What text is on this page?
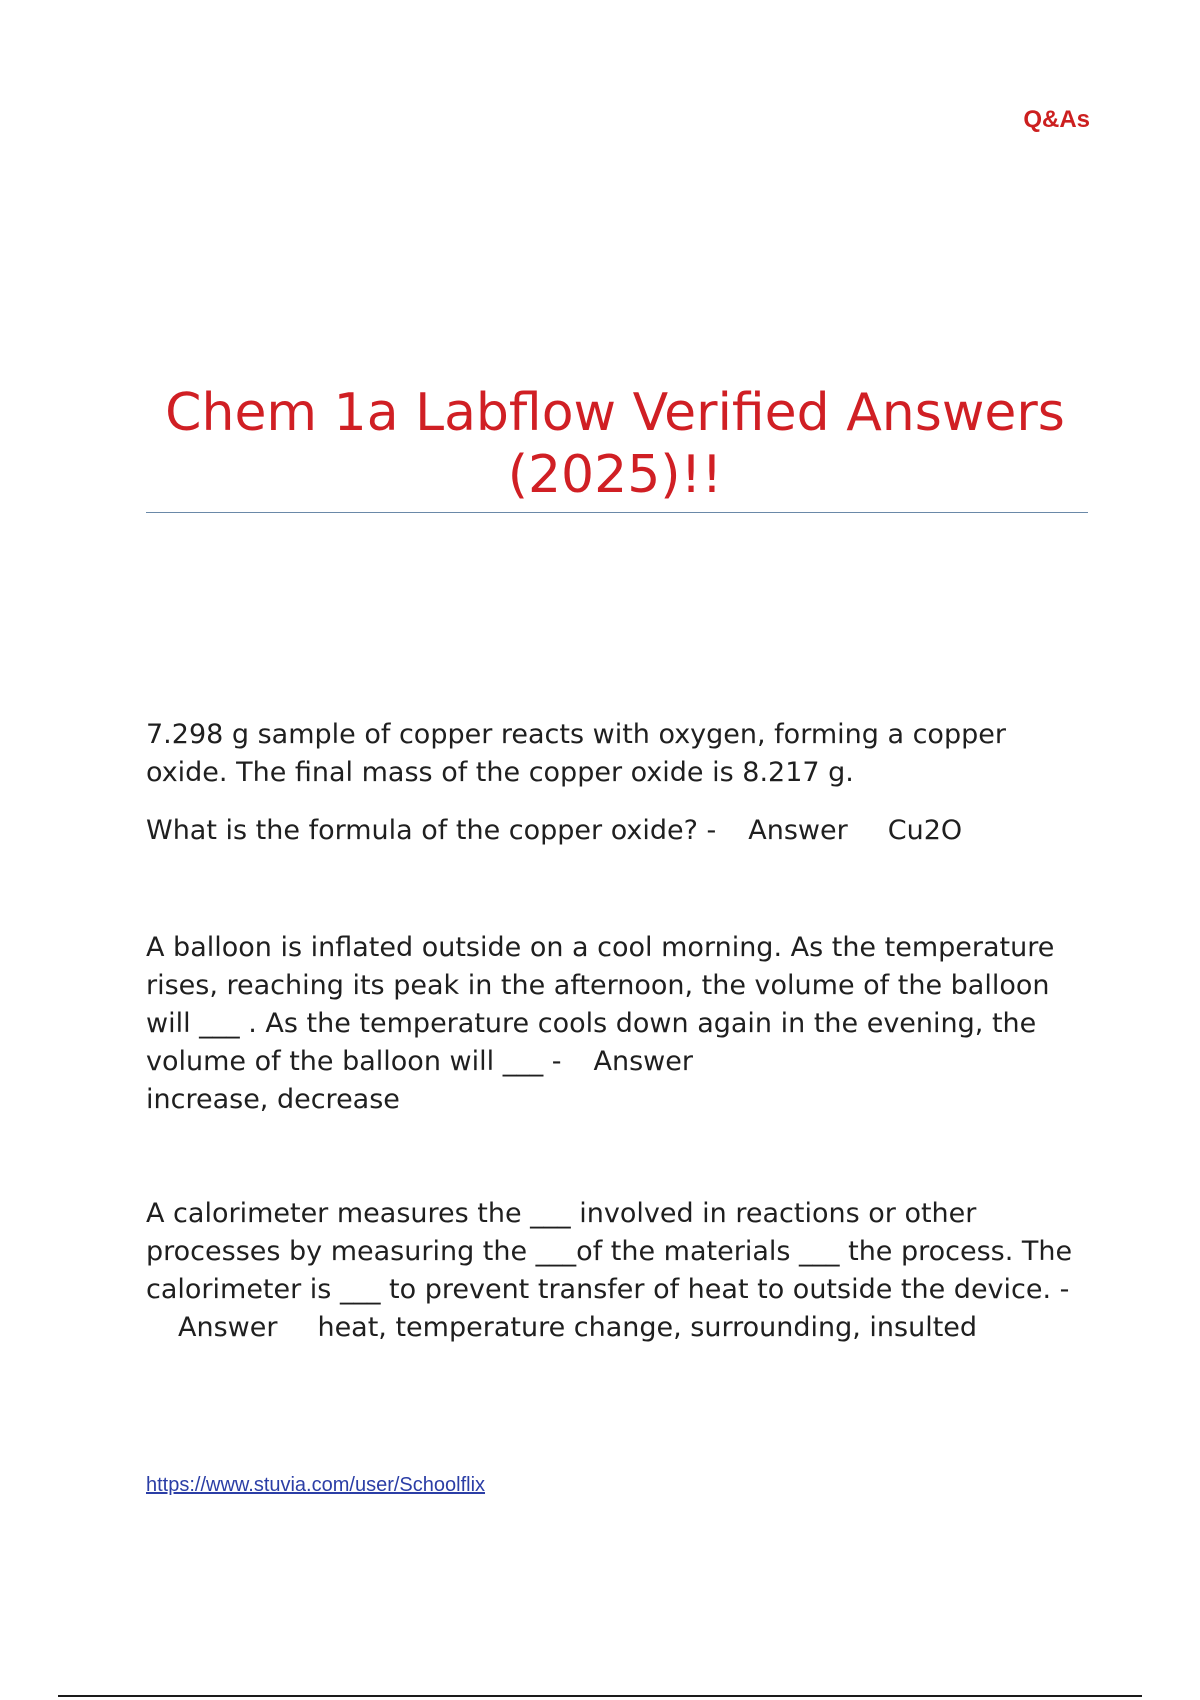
Q&As
Chem 1a Labflow Verified Answers (2025)!!

7.298 g sample of copper reacts with oxygen, forming a copper oxide. The final mass of the copper oxide is 8.217 g.

What is the formula of the copper oxide? - Answer Cu2O

A balloon is inflated outside on a cool morning. As the temperature rises, reaching its peak in the afternoon, the volume of the balloon will ___ . As the temperature cools down again in the evening, the volume of the balloon will ___ - Answer
increase, decrease

A calorimeter measures the ___ involved in reactions or other processes by measuring the ___of the materials ___ the process. The calorimeter is ___ to prevent transfer of heat to outside the device. -Answer heat, temperature change, surrounding, insulted

https://www.stuvia.com/user/Schoolflix
